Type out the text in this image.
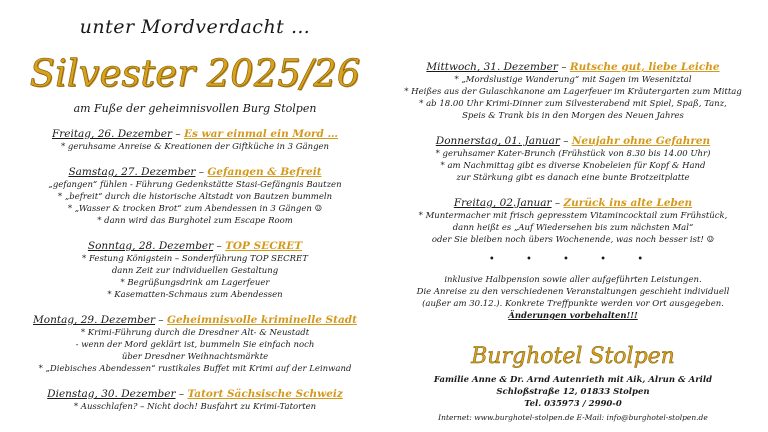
unter Mordverdacht …
Silvester 2025/26
am Fuße der geheimnisvollen Burg Stolpen
Freitag, 26. Dezember – Es war einmal ein Mord …
* geruhsame Anreise & Kreationen der Giftküche in 3 Gängen
Samstag, 27. Dezember – Gefangen & Befreit
„gefangen“ fühlen - Führung Gedenkstätte Stasi-Gefängnis Bautzen
* „befreit“ durch die historische Altstadt von Bautzen bummeln
* „Wasser & trocken Brot“ zum Abendessen in 3 Gängen ☺
* dann wird das Burghotel zum Escape Room
Sonntag, 28. Dezember – TOP SECRET
* Festung Königstein – Sonderführung TOP SECRET
dann Zeit zur individuellen Gestaltung
* Begrüßungsdrink am Lagerfeuer
* Kasematten-Schmaus zum Abendessen
Montag, 29. Dezember – Geheimnisvolle kriminelle Stadt
* Krimi-Führung durch die Dresdner Alt- & Neustadt
- wenn der Mord geklärt ist, bummeln Sie einfach noch
über Dresdner Weihnachtsmärkte
* „Diebisches Abendessen“ rustikales Buffet mit Krimi auf der Leinwand
Dienstag, 30. Dezember – Tatort Sächsische Schweiz
* Ausschlafen? – Nicht doch! Busfahrt zu Krimi-Tatorten
Mittwoch, 31. Dezember – Rutsche gut, liebe Leiche
* „Mordslustige Wanderung“ mit Sagen im Wesenitztal
* Heißes aus der Gulaschkanone am Lagerfeuer im Kräutergarten zum Mittag
* ab 18.00 Uhr Krimi-Dinner zum Silvesterabend mit Spiel, Spaß, Tanz,
Speis & Trank bis in den Morgen des Neuen Jahres
Donnerstag, 01. Januar – Neujahr ohne Gefahren
* geruhsamer Kater-Brunch (Frühstück von 8.30 bis 14.00 Uhr)
* am Nachmittag gibt es diverse Knobeleien für Kopf & Hand
zur Stärkung gibt es danach eine bunte Brotzeitplatte
Freitag, 02.Januar – Zurück ins alte Leben
* Muntermacher mit frisch gepresstem Vitamincocktail zum Frühstück,
dann heißt es „Auf Wiedersehen bis zum nächsten Mal“
oder Sie bleiben noch übers Wochenende, was noch besser ist! ☺
• • • • •
inklusive Halbpension sowie aller aufgeführten Leistungen.
Die Anreise zu den verschiedenen Veranstaltungen geschieht individuell
(außer am 30.12.). Konkrete Treffpunkte werden vor Ort ausgegeben.
Änderungen vorbehalten!!!
Burghotel Stolpen
Familie Anne & Dr. Arnd Autenrieth mit Aik, Alrun & Arild
Schloßstraße 12, 01833 Stolpen
Tel. 035973 / 2990-0
Internet: www.burghotel-stolpen.de E-Mail: info@burghotel-stolpen.de
